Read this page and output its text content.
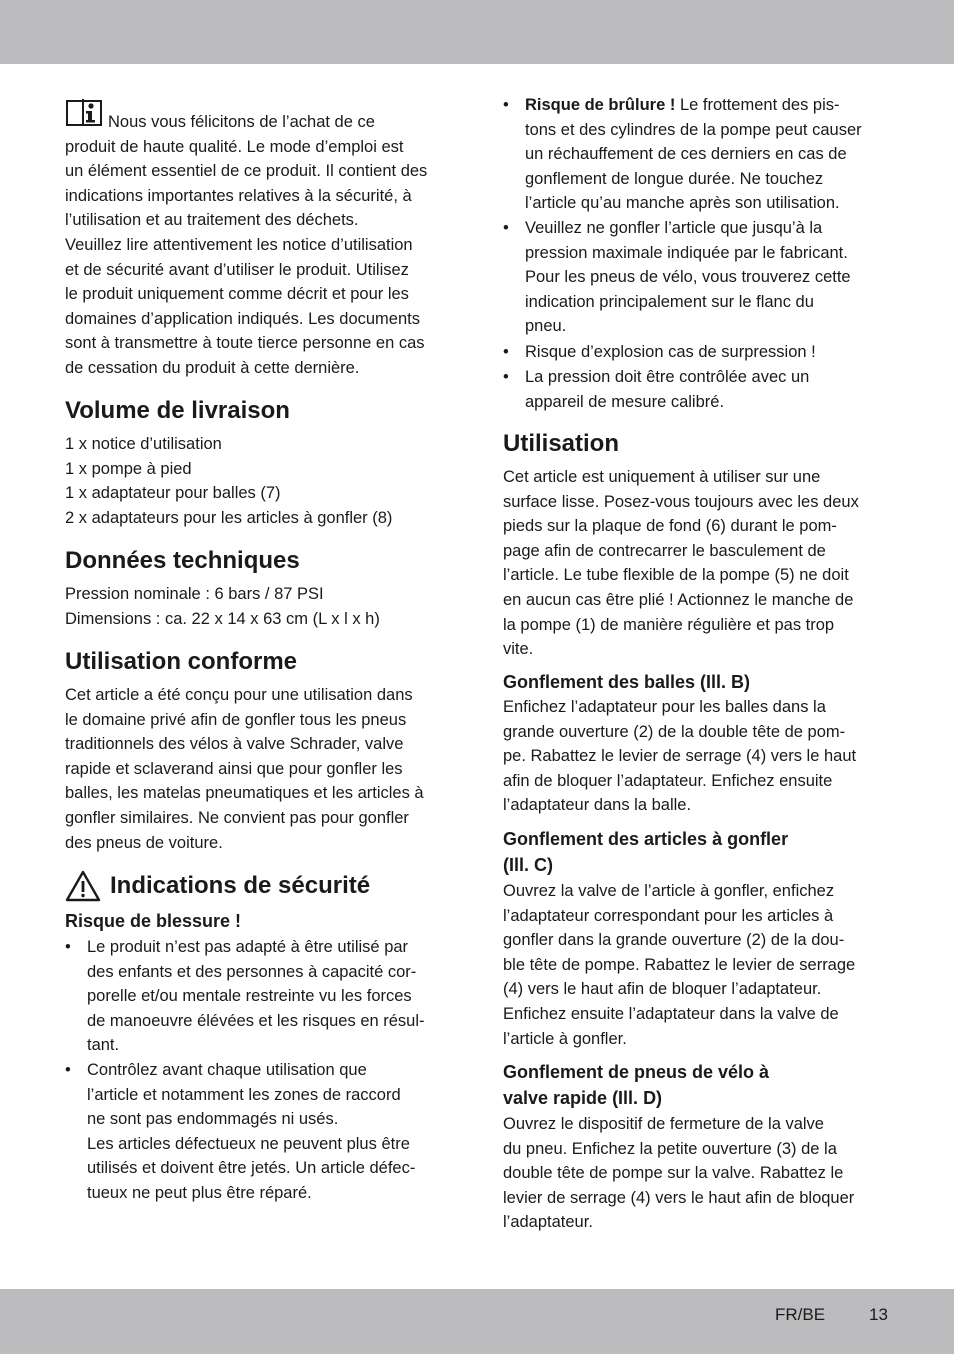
Nous vous félicitons de l’achat de ce
produit de haute qualité. Le mode d’emploi est
un élément essentiel de ce produit. Il contient des
indications importantes relatives à la sécurité, à
l’utilisation et au traitement des déchets.
Veuillez lire attentivement les notice d’utilisation
et de sécurité avant d’utiliser le produit. Utilisez
le produit uniquement comme décrit et pour les
domaines d’application indiqués. Les documents
sont à transmettre à toute tierce personne en cas
de cessation du produit à cette dernière.
Volume de livraison
1 x notice d’utilisation
1 x pompe à pied
1 x adaptateur pour balles (7)
2 x adaptateurs pour les articles à gonfler (8)
Données techniques
Pression nominale : 6 bars / 87 PSI
Dimensions : ca. 22 x 14 x 63 cm (L x l x h)
Utilisation conforme
Cet article a été conçu pour une utilisation dans
le domaine privé afin de gonfler tous les pneus
traditionnels des vélos à valve Schrader, valve
rapide et sclaverand ainsi que pour gonfler les
balles, les matelas pneumatiques et les articles à
gonfler similaires. Ne convient pas pour gonfler
des pneus de voiture.
Indications de sécurité
Risque de blessure !
• Le produit n’est pas adapté à être utilisé par
des enfants et des personnes à capacité cor-
porelle et/ou mentale restreinte vu les forces
de manoeuvre élévées et les risques en résul-
tant.
• Contrôlez avant chaque utilisation que
l’article et notamment les zones de raccord
ne sont pas endommagés ni usés.
Les articles défectueux ne peuvent plus être
utilisés et doivent être jetés. Un article défec-
tueux ne peut plus être réparé.
• Risque de brûlure ! Le frottement des pis-
tons et des cylindres de la pompe peut causer
un réchauffement de ces derniers en cas de
gonflement de longue durée. Ne touchez
l’article qu’au manche après son utilisation.
• Veuillez ne gonfler l’article que jusqu’à la
pression maximale indiquée par le fabricant.
Pour les pneus de vélo, vous trouverez cette
indication principalement sur le flanc du
pneu.
• Risque d’explosion cas de surpression !
• La pression doit être contrôlée avec un
appareil de mesure calibré.
Utilisation
Cet article est uniquement à utiliser sur une
surface lisse. Posez-vous toujours avec les deux
pieds sur la plaque de fond (6) durant le pom-
page afin de contrecarrer le basculement de
l’article. Le tube flexible de la pompe (5) ne doit
en aucun cas être plié ! Actionnez le manche de
la pompe (1) de manière régulière et pas trop
vite.
Gonflement des balles (Ill. B)
Enfichez l’adaptateur pour les balles dans la
grande ouverture (2) de la double tête de pom-
pe. Rabattez le levier de serrage (4) vers le haut
afin de bloquer l’adaptateur. Enfichez ensuite
l’adaptateur dans la balle.
Gonflement des articles à gonfler
(Ill. C)
Ouvrez la valve de l’article à gonfler, enfichez
l’adaptateur correspondant pour les articles à
gonfler dans la grande ouverture (2) de la dou-
ble tête de pompe. Rabattez le levier de serrage
(4) vers le haut afin de bloquer l’adaptateur.
Enfichez ensuite l’adaptateur dans la valve de
l’article à gonfler.
Gonflement de pneus de vélo à
valve rapide (Ill. D)
Ouvrez le dispositif de fermeture de la valve
du pneu. Enfichez la petite ouverture (3) de la
double tête de pompe sur la valve. Rabattez le
levier de serrage (4) vers le haut afin de bloquer
l’adaptateur.
FR/BE	13
